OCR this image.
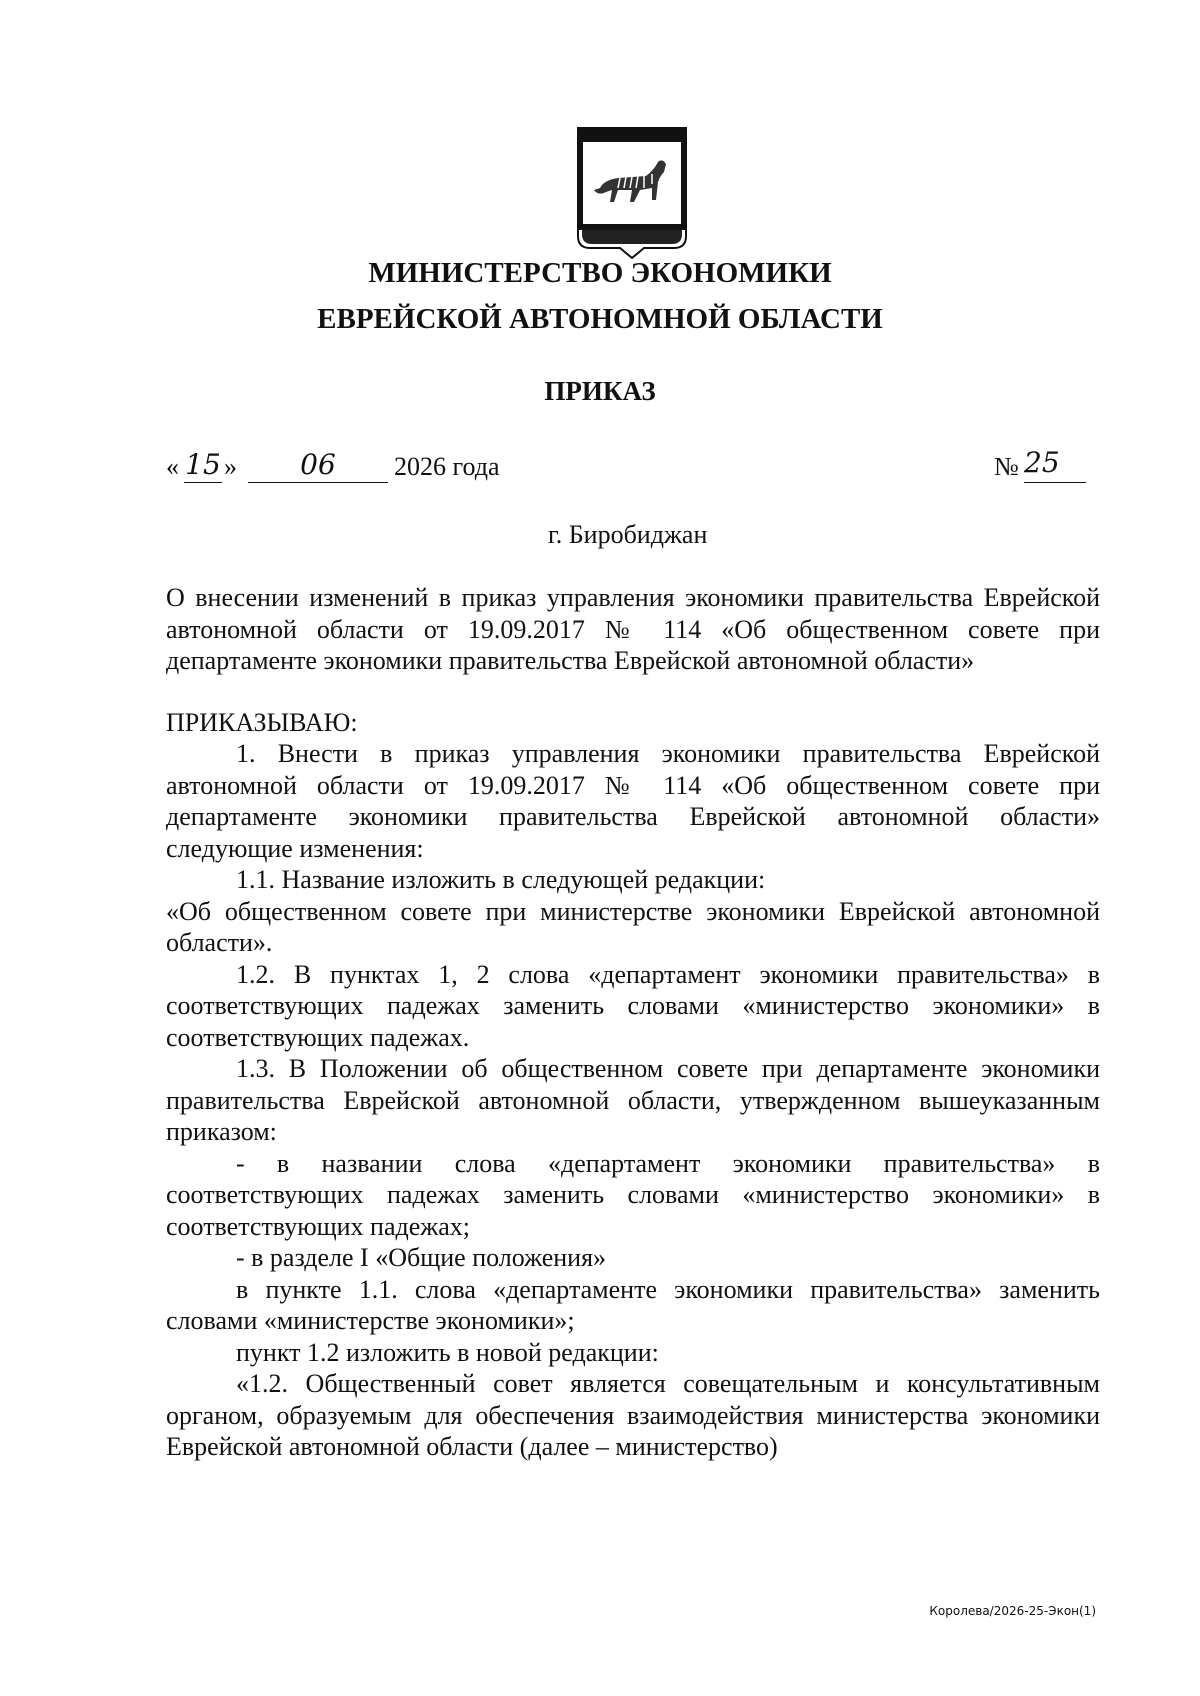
МИНИСТЕРСТВО ЭКОНОМИКИ
ЕВРЕЙСКОЙ АВТОНОМНОЙ ОБЛАСТИ
ПРИКАЗ
« 15 »	06	2026 года	№ 25
г. Биробиджан

О внесении изменений в приказ управления экономики правительства Еврейской автономной области от 19.09.2017 № 114 «Об общественном совете при департаменте экономики правительства Еврейской автономной области»

ПРИКАЗЫВАЮ:

1. Внести в приказ управления экономики правительства Еврейской автономной области от 19.09.2017 № 114 «Об общественном совете при департаменте экономики правительства Еврейской автономной области» следующие изменения:

1.1. Название изложить в следующей редакции:

«Об общественном совете при министерстве экономики Еврейской автономной области».

1.2. В пунктах 1, 2 слова «департамент экономики правительства» в соответствующих падежах заменить словами «министерство экономики» в соответствующих падежах.

1.3. В Положении об общественном совете при департаменте экономики правительства Еврейской автономной области, утвержденном вышеуказанным приказом:

- в названии слова «департамент экономики правительства» в соответствующих падежах заменить словами «министерство экономики» в соответствующих падежах;

- в разделе I «Общие положения»

в пункте 1.1. слова «департаменте экономики правительства» заменить словами «министерстве экономики»;

пункт 1.2 изложить в новой редакции:

«1.2. Общественный совет является совещательным и консультативным органом, образуемым для обеспечения взаимодействия министерства экономики Еврейской автономной области (далее – министерство)

Королева/2026-25-Экон(1)
